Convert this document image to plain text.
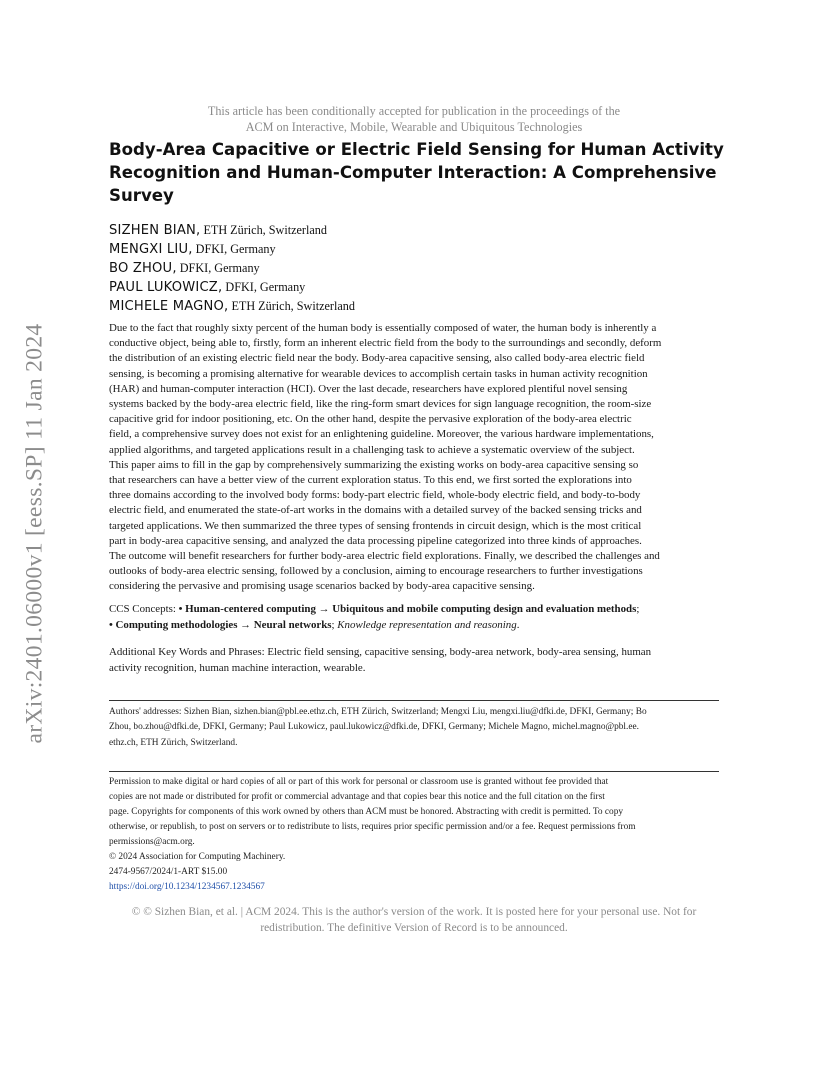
arXiv:2401.06000v1 [eess.SP] 11 Jan 2024
This article has been conditionally accepted for publication in the proceedings of the
ACM on Interactive, Mobile, Wearable and Ubiquitous Technologies
Body-Area Capacitive or Electric Field Sensing for Human Activity
Recognition and Human-Computer Interaction: A Comprehensive
Survey
SIZHEN BIAN, ETH Zürich, Switzerland
MENGXI LIU, DFKI, Germany
BO ZHOU, DFKI, Germany
PAUL LUKOWICZ, DFKI, Germany
MICHELE MAGNO, ETH Zürich, Switzerland
Due to the fact that roughly sixty percent of the human body is essentially composed of water, the human body is inherently a
conductive object, being able to, firstly, form an inherent electric field from the body to the surroundings and secondly, deform
the distribution of an existing electric field near the body. Body-area capacitive sensing, also called body-area electric field
sensing, is becoming a promising alternative for wearable devices to accomplish certain tasks in human activity recognition
(HAR) and human-computer interaction (HCI). Over the last decade, researchers have explored plentiful novel sensing
systems backed by the body-area electric field, like the ring-form smart devices for sign language recognition, the room-size
capacitive grid for indoor positioning, etc. On the other hand, despite the pervasive exploration of the body-area electric
field, a comprehensive survey does not exist for an enlightening guideline. Moreover, the various hardware implementations,
applied algorithms, and targeted applications result in a challenging task to achieve a systematic overview of the subject.
This paper aims to fill in the gap by comprehensively summarizing the existing works on body-area capacitive sensing so
that researchers can have a better view of the current exploration status. To this end, we first sorted the explorations into
three domains according to the involved body forms: body-part electric field, whole-body electric field, and body-to-body
electric field, and enumerated the state-of-art works in the domains with a detailed survey of the backed sensing tricks and
targeted applications. We then summarized the three types of sensing frontends in circuit design, which is the most critical
part in body-area capacitive sensing, and analyzed the data processing pipeline categorized into three kinds of approaches.
The outcome will benefit researchers for further body-area electric field explorations. Finally, we described the challenges and
outlooks of body-area electric sensing, followed by a conclusion, aiming to encourage researchers to further investigations
considering the pervasive and promising usage scenarios backed by body-area capacitive sensing.
CCS Concepts: • Human-centered computing → Ubiquitous and mobile computing design and evaluation methods;
• Computing methodologies → Neural networks; Knowledge representation and reasoning.
Additional Key Words and Phrases: Electric field sensing, capacitive sensing, body-area network, body-area sensing, human
activity recognition, human machine interaction, wearable.
Authors' addresses: Sizhen Bian, sizhen.bian@pbl.ee.ethz.ch, ETH Zürich, Switzerland; Mengxi Liu, mengxi.liu@dfki.de, DFKI, Germany; Bo
Zhou, bo.zhou@dfki.de, DFKI, Germany; Paul Lukowicz, paul.lukowicz@dfki.de, DFKI, Germany; Michele Magno, michel.magno@pbl.ee.
ethz.ch, ETH Zürich, Switzerland.
Permission to make digital or hard copies of all or part of this work for personal or classroom use is granted without fee provided that
copies are not made or distributed for profit or commercial advantage and that copies bear this notice and the full citation on the first
page. Copyrights for components of this work owned by others than ACM must be honored. Abstracting with credit is permitted. To copy
otherwise, or republish, to post on servers or to redistribute to lists, requires prior specific permission and/or a fee. Request permissions from
permissions@acm.org.
© 2024 Association for Computing Machinery.
2474-9567/2024/1-ART $15.00
https://doi.org/10.1234/1234567.1234567
© © Sizhen Bian, et al. | ACM 2024. This is the author's version of the work. It is posted here for your personal use. Not for
redistribution. The definitive Version of Record is to be announced.
